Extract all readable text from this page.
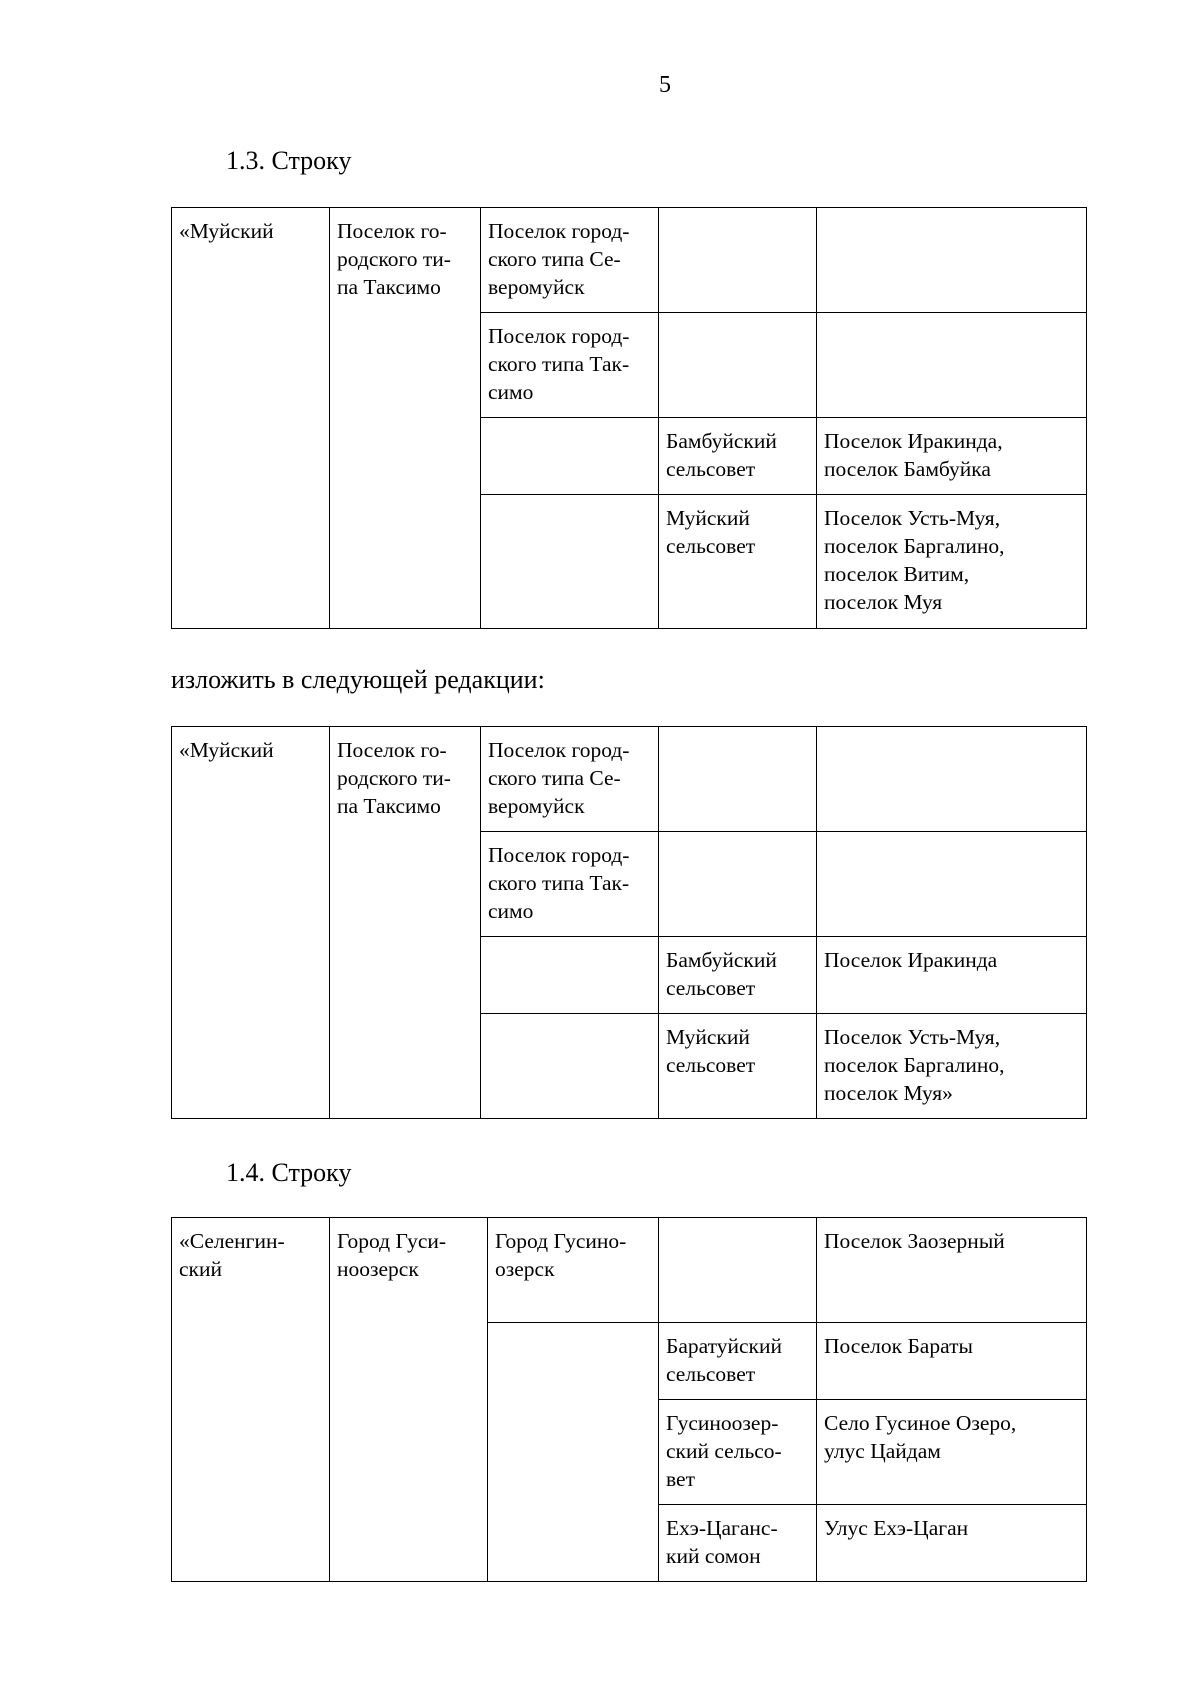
5
1.3. Строку
«Муйский	Поселок го-
родского ти-
па Таксимо	Поселок город-
ского типа Се-
веромуйск		
		Поселок город-
ского типа Так-
симо		
			Бамбуйский
сельсовет	Поселок Иракинда,
поселок Бамбуйка
			Муйский
сельсовет	Поселок Усть-Муя,
поселок Баргалино,
поселок Витим,
поселок Муя
изложить в следующей редакции:
«Муйский	Поселок го-
родского ти-
па Таксимо	Поселок город-
ского типа Се-
веромуйск		
		Поселок город-
ского типа Так-
симо		
			Бамбуйский
сельсовет	Поселок Иракинда
			Муйский
сельсовет	Поселок Усть-Муя,
поселок Баргалино,
поселок Муя»
1.4. Строку
«Селенгин-
ский	Город Гуси-
ноозерск	Город Гусино-
озерск		Поселок Заозерный
			Баратуйский
сельсовет	Поселок Бараты
			Гусиноозер-
ский сельсо-
вет	Село Гусиное Озеро,
улус Цайдам
			Ехэ-Цаганс-
кий сомон	Улус Ехэ-Цаган
